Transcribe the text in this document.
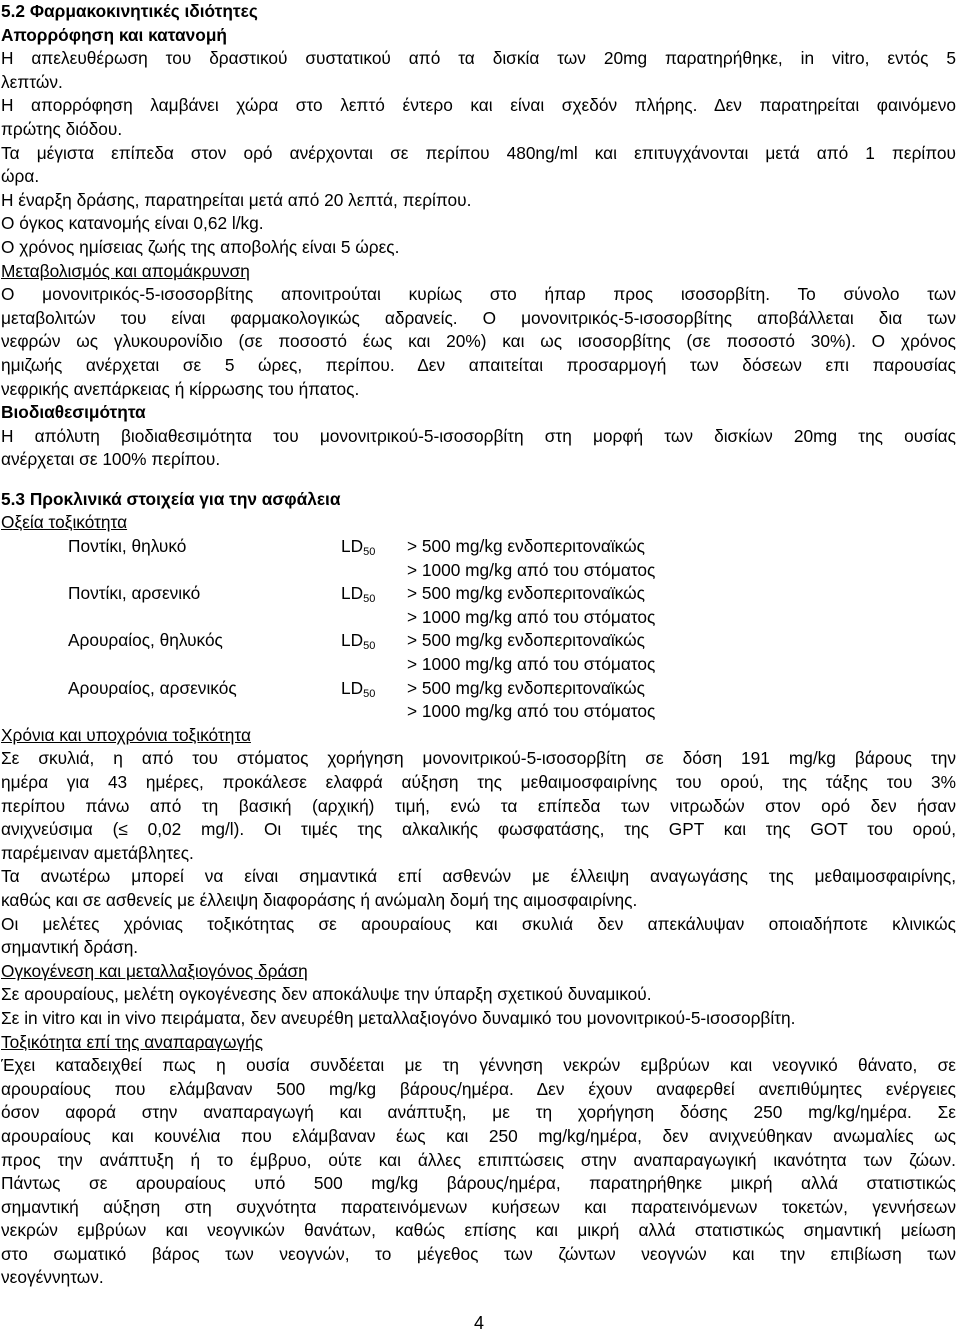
5.2 Φαρμακοκινητικές ιδιότητες
Απορρόφηση και κατανομή
Η απελευθέρωση του δραστικού συστατικού από τα δισκία των 20mg παρατηρήθηκε, in vitro, εντός 5
λεπτών.
Η απορρόφηση λαμβάνει χώρα στο λεπτό έντερο και είναι σχεδόν πλήρης. Δεν παρατηρείται φαινόμενο
πρώτης διόδου.
Τα μέγιστα επίπεδα στον ορό ανέρχονται σε περίπου 480ng/ml και επιτυγχάνονται μετά από 1 περίπου
ώρα.
Η έναρξη δράσης, παρατηρείται μετά από 20 λεπτά, περίπου.
Ο όγκος κατανομής είναι 0,62 l/kg.
Ο χρόνος ημίσειας ζωής της αποβολής είναι 5 ώρες.
Μεταβολισμός και απομάκρυνση
Ο μονονιτρικός-5-ισοσορβίτης απονιτρούται κυρίως στο ήπαρ προς ισοσορβίτη. Το σύνολο των
μεταβολιτών του είναι φαρμακολογικώς αδρανείς. Ο μονονιτρικός-5-ισοσορβίτης αποβάλλεται δια των
νεφρών ως γλυκουρονίδιο (σε ποσοστό έως και 20%) και ως ισοσορβίτης (σε ποσοστό 30%). Ο χρόνος
ημιζωής ανέρχεται σε 5 ώρες, περίπου. Δεν απαιτείται προσαρμογή των δόσεων επι παρουσίας
νεφρικής ανεπάρκειας ή κίρρωσης του ήπατος.
Βιοδιαθεσιμότητα
Η απόλυτη βιοδιαθεσιμότητα του μονονιτρικού-5-ισοσορβίτη στη μορφή των δισκίων 20mg της ουσίας
ανέρχεται σε 100% περίπου.
5.3 Προκλινικά στοιχεία για την ασφάλεια
Οξεία τοξικότητα
Ποντίκι, θηλυκό	$LD_{50} > 500$ mg/kg ενδοπεριτοναϊκώς
> 1000 mg/kg από του στόματος
Ποντίκι, αρσενικό	$LD_{50} > 500$ mg/kg ενδοπεριτοναϊκώς
> 1000 mg/kg από του στόματος
Αρουραίος, θηλυκός	$LD_{50} > 500$ mg/kg ενδοπεριτοναϊκώς
> 1000 mg/kg από του στόματος
Αρουραίος, αρσενικός	$LD_{50} > 500$ mg/kg ενδοπεριτοναϊκώς
> 1000 mg/kg από του στόματος
Χρόνια και υποχρόνια τοξικότητα
Σε σκυλιά, η από του στόματος χορήγηση μονονιτρικού-5-ισοσορβίτη σε δόση 191 mg/kg βάρους την
ημέρα για 43 ημέρες, προκάλεσε ελαφρά αύξηση της μεθαιμοσφαιρίνης του ορού, της τάξης του 3%
περίπου πάνω από τη βασική (αρχική) τιμή, ενώ τα επίπεδα των νιτρωδών στον ορό δεν ήσαν
ανιχνεύσιμα (≤ 0,02 mg/l). Οι τιμές της αλκαλικής φωσφατάσης, της GPT και της GOT του ορού,
παρέμειναν αμετάβλητες.
Τα ανωτέρω μπορεί να είναι σημαντικά επί ασθενών με έλλειψη αναγωγάσης της μεθαιμοσφαιρίνης,
καθώς και σε ασθενείς με έλλειψη διαφοράσης ή ανώμαλη δομή της αιμοσφαιρίνης.
Οι μελέτες χρόνιας τοξικότητας σε αρουραίους και σκυλιά δεν απεκάλυψαν οποιαδήποτε κλινικώς
σημαντική δράση.
Ογκογένεση και μεταλλαξιογόνος δράση
Σε αρουραίους, μελέτη ογκογένεσης δεν αποκάλυψε την ύπαρξη σχετικού δυναμικού.
Σε in vitro και in vivo πειράματα, δεν ανευρέθη μεταλλαξιογόνο δυναμικό του μονονιτρικού-5-ισοσορβίτη.
Τοξικότητα επί της αναπαραγωγής
Έχει καταδειχθεί πως η ουσία συνδέεται με τη γέννηση νεκρών εμβρύων και νεογνικό θάνατο, σε
αρουραίους που ελάμβαναν 500 mg/kg βάρους/ημέρα. Δεν έχουν αναφερθεί ανεπιθύμητες ενέργειες
όσον αφορά στην αναπαραγωγή και ανάπτυξη, με τη χορήγηση δόσης 250 mg/kg/ημέρα. Σε
αρουραίους και κουνέλια που ελάμβαναν έως και 250 mg/kg/ημέρα, δεν ανιχνεύθηκαν ανωμαλίες ως
προς την ανάπτυξη ή το έμβρυο, ούτε και άλλες επιπτώσεις στην αναπαραγωγική ικανότητα των ζώων.
Πάντως σε αρουραίους υπό 500 mg/kg βάρους/ημέρα, παρατηρήθηκε μικρή αλλά στατιστικώς
σημαντική αύξηση στη συχνότητα παρατεινόμενων κυήσεων και παρατεινόμενων τοκετών, γεννήσεων
νεκρών εμβρύων και νεογνικών θανάτων, καθώς επίσης και μικρή αλλά στατιστικώς σημαντική μείωση
στο σωματικό βάρος των νεογνών, το μέγεθος των ζώντων νεογνών και την επιβίωση των
νεογέννητων.
4
